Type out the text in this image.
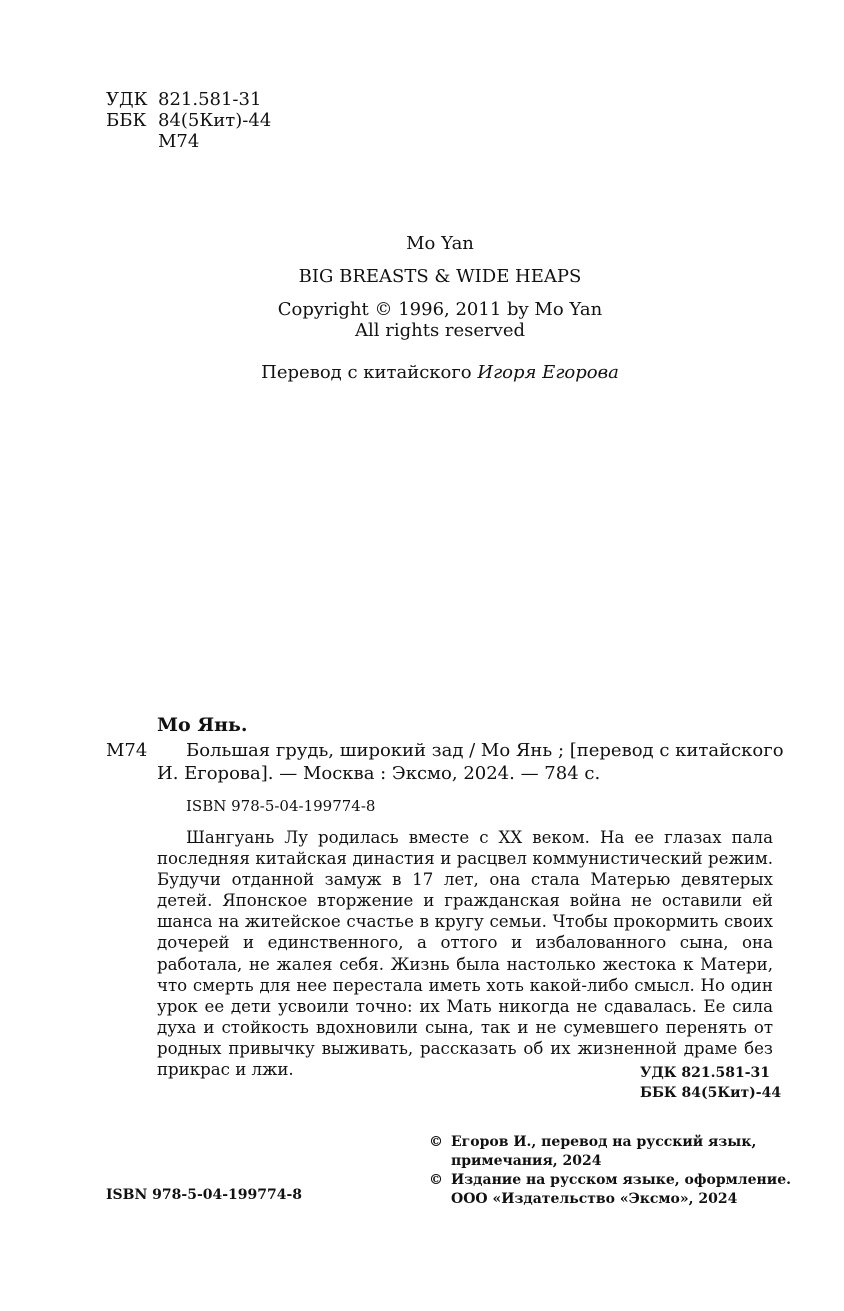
УДК 821.581-31
ББК 84(5Кит)-44
М74
Mo Yan
BIG BREASTS & WIDE HEAPS
Copyright © 1996, 2011 by Mo Yan
All rights reserved
Перевод с китайского Игоря Егорова
Мо Янь.
М74 Большая грудь, широкий зад / Мо Янь ; [перевод с китайского
И. Егорова]. — Москва : Эксмо, 2024. — 784 с.
ISBN 978-5-04-199774-8

Шангуань Лу родилась вместе с XX веком. На ее глазах пала последняя китайская династия и расцвел коммунистический режим. Будучи отданной замуж в 17 лет, она стала Матерью девятерых детей. Японское вторжение и гражданская война не оставили ей шанса на житейское счастье в кругу семьи. Чтобы прокормить своих дочерей и единственного, а оттого и избалованного сына, она работала, не жалея себя. Жизнь была настолько жестока к Матери, что смерть для нее перестала иметь хоть какой-либо смысл. Но один урок ее дети усвоили точно: их Мать никогда не сдавалась. Ее сила духа и стойкость вдохновили сына, так и не сумевшего перенять от родных привычку выживать, рассказать об их жизненной драме без прикрас и лжи.	УДК 821.581-31
ББК 84(5Кит)-44
© Егоров И., перевод на русский язык,
примечания, 2024
© Издание на русском языке, оформление.
ООО «Издательство «Эксмо», 2024
ISBN 978-5-04-199774-8
